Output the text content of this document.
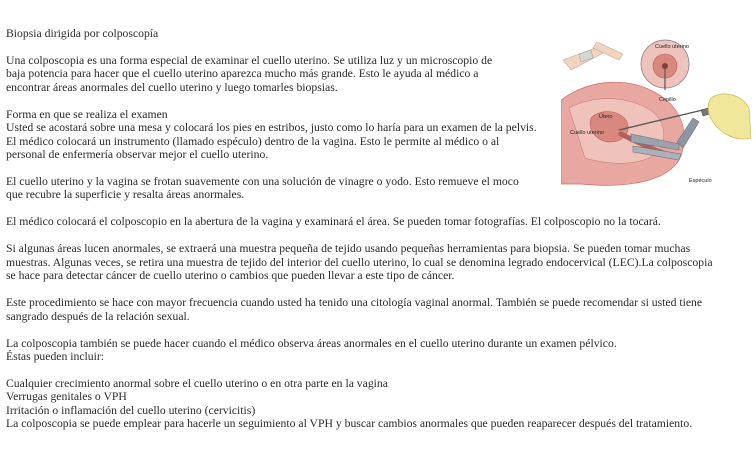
Cuello uterino
Cepillo
Útero
Cuello uterino
Espéculo
Biopsia dirigida por colposcopía

Una colposcopia es una forma especial de examinar el cuello uterino. Se utiliza luz y un microscopio de
baja potencia para hacer que el cuello uterino aparezca mucho más grande. Esto le ayuda al médico a
encontrar áreas anormales del cuello uterino y luego tomarles biopsias.

Forma en que se realiza el examen
Usted se acostará sobre una mesa y colocará los pies en estribos, justo como lo haría para un examen de la pelvis.
El médico colocará un instrumento (llamado espéculo) dentro de la vagina. Esto le permite al médico o al
personal de enfermería observar mejor el cuello uterino.

El cuello uterino y la vagina se frotan suavemente con una solución de vinagre o yodo. Esto remueve el moco
que recubre la superficie y resalta áreas anormales.

El médico colocará el colposcopio en la abertura de la vagina y examinará el área. Se pueden tomar fotografías. El colposcopio no la tocará.

Si algunas áreas lucen anormales, se extraerá una muestra pequeña de tejido usando pequeñas herramientas para biopsia. Se pueden tomar muchas
muestras. Algunas veces, se retira una muestra de tejido del interior del cuello uterino, lo cual se denomina legrado endocervical (LEC).La colposcopia
se hace para detectar cáncer de cuello uterino o cambios que pueden llevar a este tipo de cáncer.

Este procedimiento se hace con mayor frecuencia cuando usted ha tenido una citología vaginal anormal. También se puede recomendar si usted tiene
sangrado después de la relación sexual.

La colposcopia también se puede hacer cuando el médico observa áreas anormales en el cuello uterino durante un examen pélvico.
Éstas pueden incluir:

Cualquier crecimiento anormal sobre el cuello uterino o en otra parte en la vagina
Verrugas genitales o VPH
Irritación o inflamación del cuello uterino (cervicitis)
La colposcopia se puede emplear para hacerle un seguimiento al VPH y buscar cambios anormales que pueden reaparecer después del tratamiento.
